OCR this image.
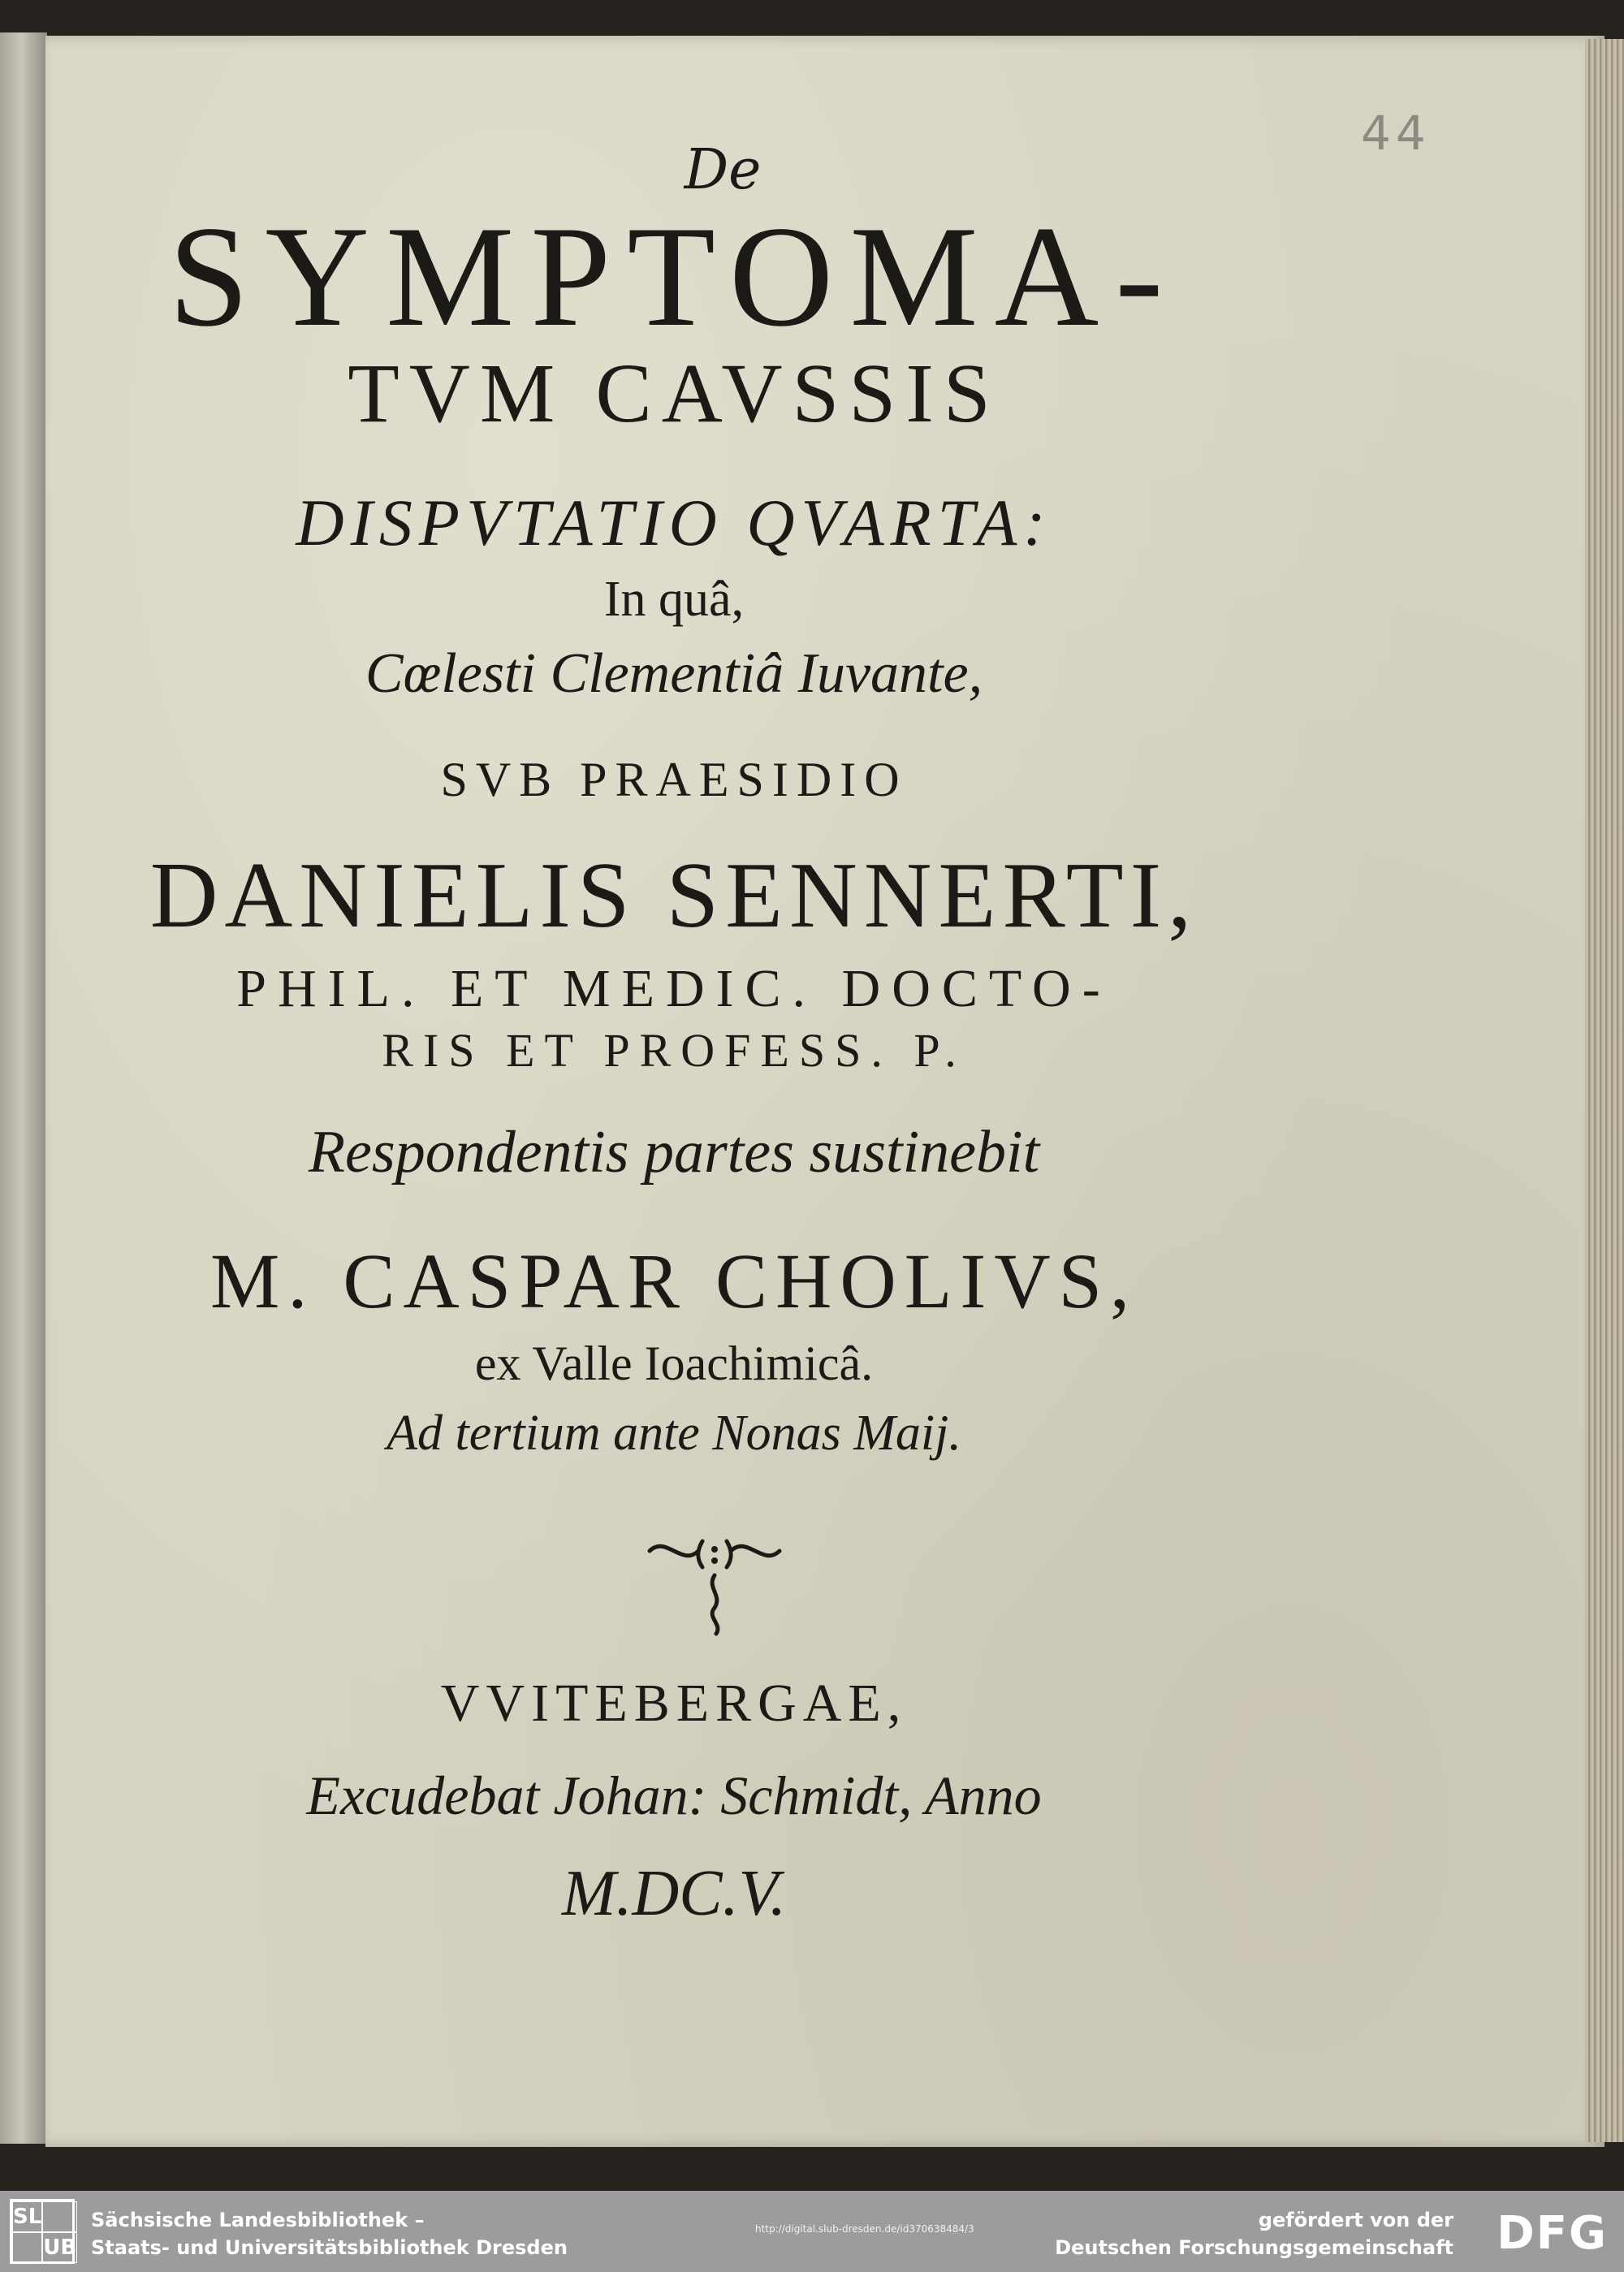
44
De
SYMPTOMA-
TVM CAVSSIS
DISPVTATIO QVARTA:
In quâ,
Cœlesti Clementiâ Iuvante,
SVB PRAESIDIO
DANIELIS SENNERTI,
PHIL. ET MEDIC. DOCTO-
RIS ET PROFESS. P.
Respondentis partes sustinebit
M. CASPAR CHOLIVS,
ex Valle Ioachimicâ.
Ad tertium ante Nonas Maij.
VVITEBERGAE,
Excudebat Johan: Schmidt, Anno
M.DC.V.
SL
UB
Sächsische Landesbibliothek –
Staats- und Universitätsbibliothek Dresden
http://digital.slub-dresden.de/id370638484/3	gefördert von der
Deutschen Forschungsgemeinschaft DFG
